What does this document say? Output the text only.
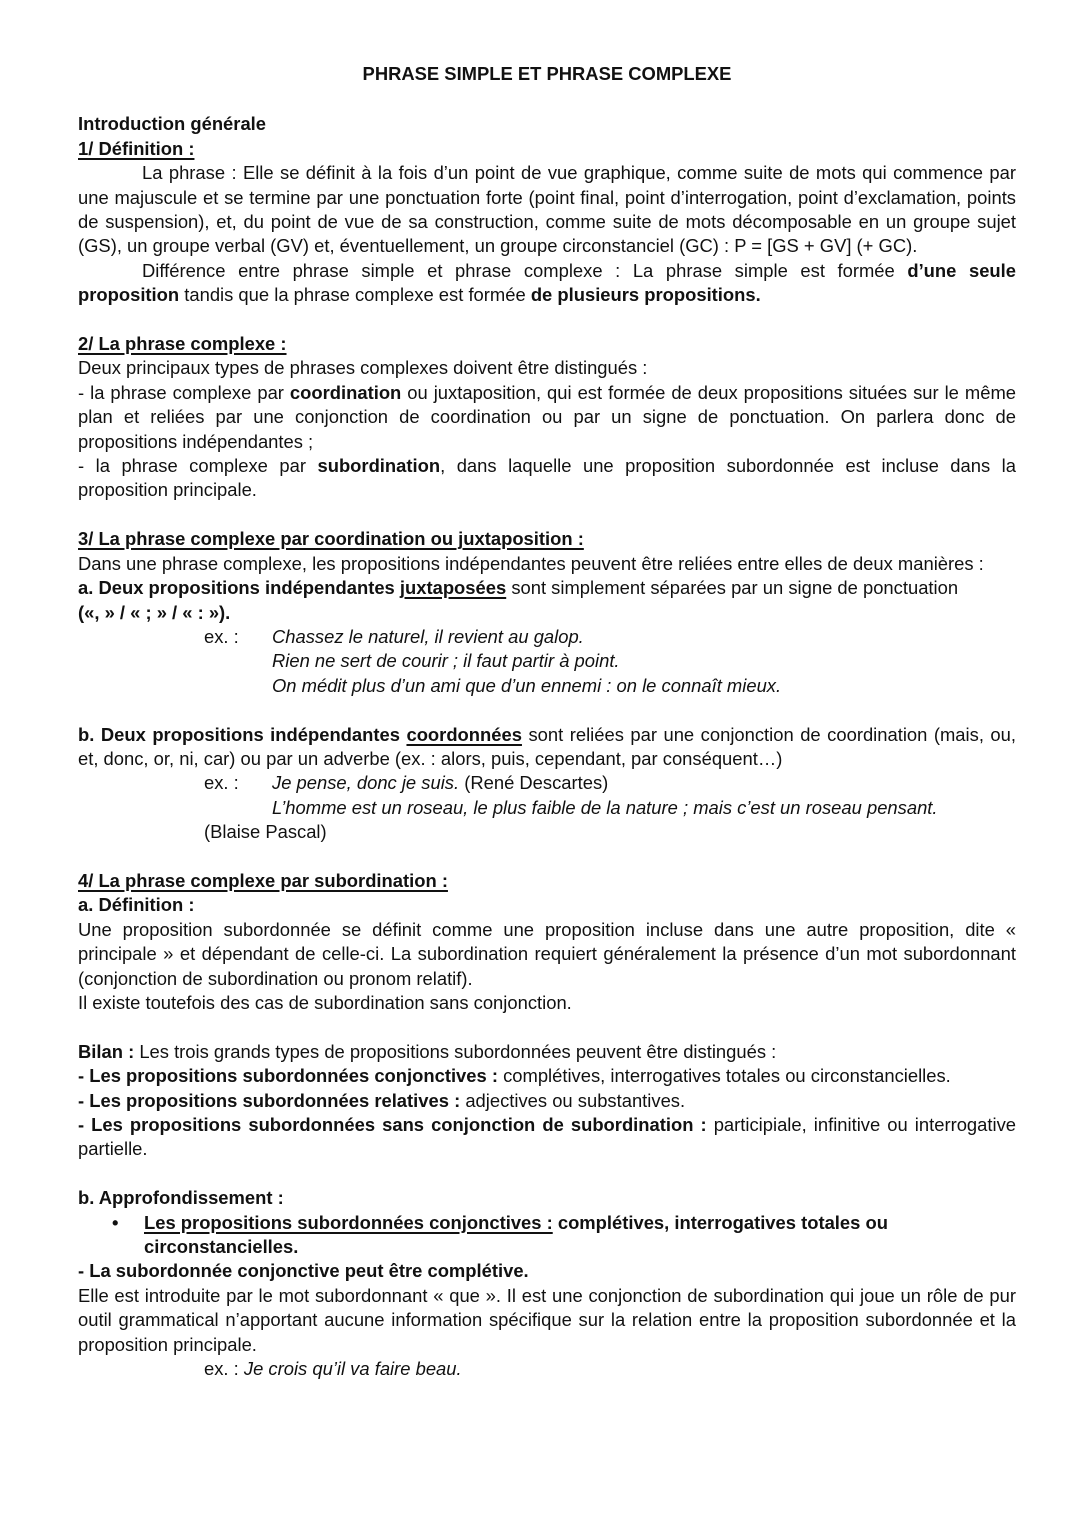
PHRASE SIMPLE ET PHRASE COMPLEXE

Introduction générale

1/ Définition :

La phrase : Elle se définit à la fois d’un point de vue graphique, comme suite de mots qui commence par une majuscule et se termine par une ponctuation forte (point final, point d’interrogation, point d’exclamation, points de suspension), et, du point de vue de sa construction, comme suite de mots décomposable en un groupe sujet (GS), un groupe verbal (GV) et, éventuellement, un groupe circonstanciel (GC) : P = [GS + GV] (+ GC).

Différence entre phrase simple et phrase complexe : La phrase simple est formée d’une seule proposition tandis que la phrase complexe est formée de plusieurs propositions.

2/ La phrase complexe :

Deux principaux types de phrases complexes doivent être distingués :

- la phrase complexe par coordination ou juxtaposition, qui est formée de deux propositions situées sur le même plan et reliées par une conjonction de coordination ou par un signe de ponctuation. On parlera donc de propositions indépendantes ;

- la phrase complexe par subordination, dans laquelle une proposition subordonnée est incluse dans la proposition principale.

3/ La phrase complexe par coordination ou juxtaposition :

Dans une phrase complexe, les propositions indépendantes peuvent être reliées entre elles de deux manières :

a. Deux propositions indépendantes juxtaposées sont simplement séparées par un signe de ponctuation
(«, » / « ; » / « : »).

ex. :	Chassez le naturel, il revient au galop.

Rien ne sert de courir ; il faut partir à point.

On médit plus d’un ami que d’un ennemi : on le connaît mieux.

b. Deux propositions indépendantes coordonnées sont reliées par une conjonction de coordination (mais, ou, et, donc, or, ni, car) ou par un adverbe (ex. : alors, puis, cependant, par conséquent…)

ex. :	Je pense, donc je suis. (René Descartes)

L’homme est un roseau, le plus faible de la nature ; mais c’est un roseau pensant.

(Blaise Pascal)

4/ La phrase complexe par subordination :

a. Définition :

Une proposition subordonnée se définit comme une proposition incluse dans une autre proposition, dite « principale » et dépendant de celle-ci. La subordination requiert généralement la présence d’un mot subordonnant (conjonction de subordination ou pronom relatif).

Il existe toutefois des cas de subordination sans conjonction.

Bilan : Les trois grands types de propositions subordonnées peuvent être distingués :

- Les propositions subordonnées conjonctives : complétives, interrogatives totales ou circonstancielles.

- Les propositions subordonnées relatives : adjectives ou substantives.

- Les propositions subordonnées sans conjonction de subordination : participiale, infinitive ou interrogative partielle.

b. Approfondissement :

•	Les propositions subordonnées conjonctives : complétives, interrogatives totales ou circonstancielles.

- La subordonnée conjonctive peut être complétive.

Elle est introduite par le mot subordonnant « que ». Il est une conjonction de subordination qui joue un rôle de pur outil grammatical n’apportant aucune information spécifique sur la relation entre la proposition subordonnée et la proposition principale.

ex. : Je crois qu’il va faire beau.
